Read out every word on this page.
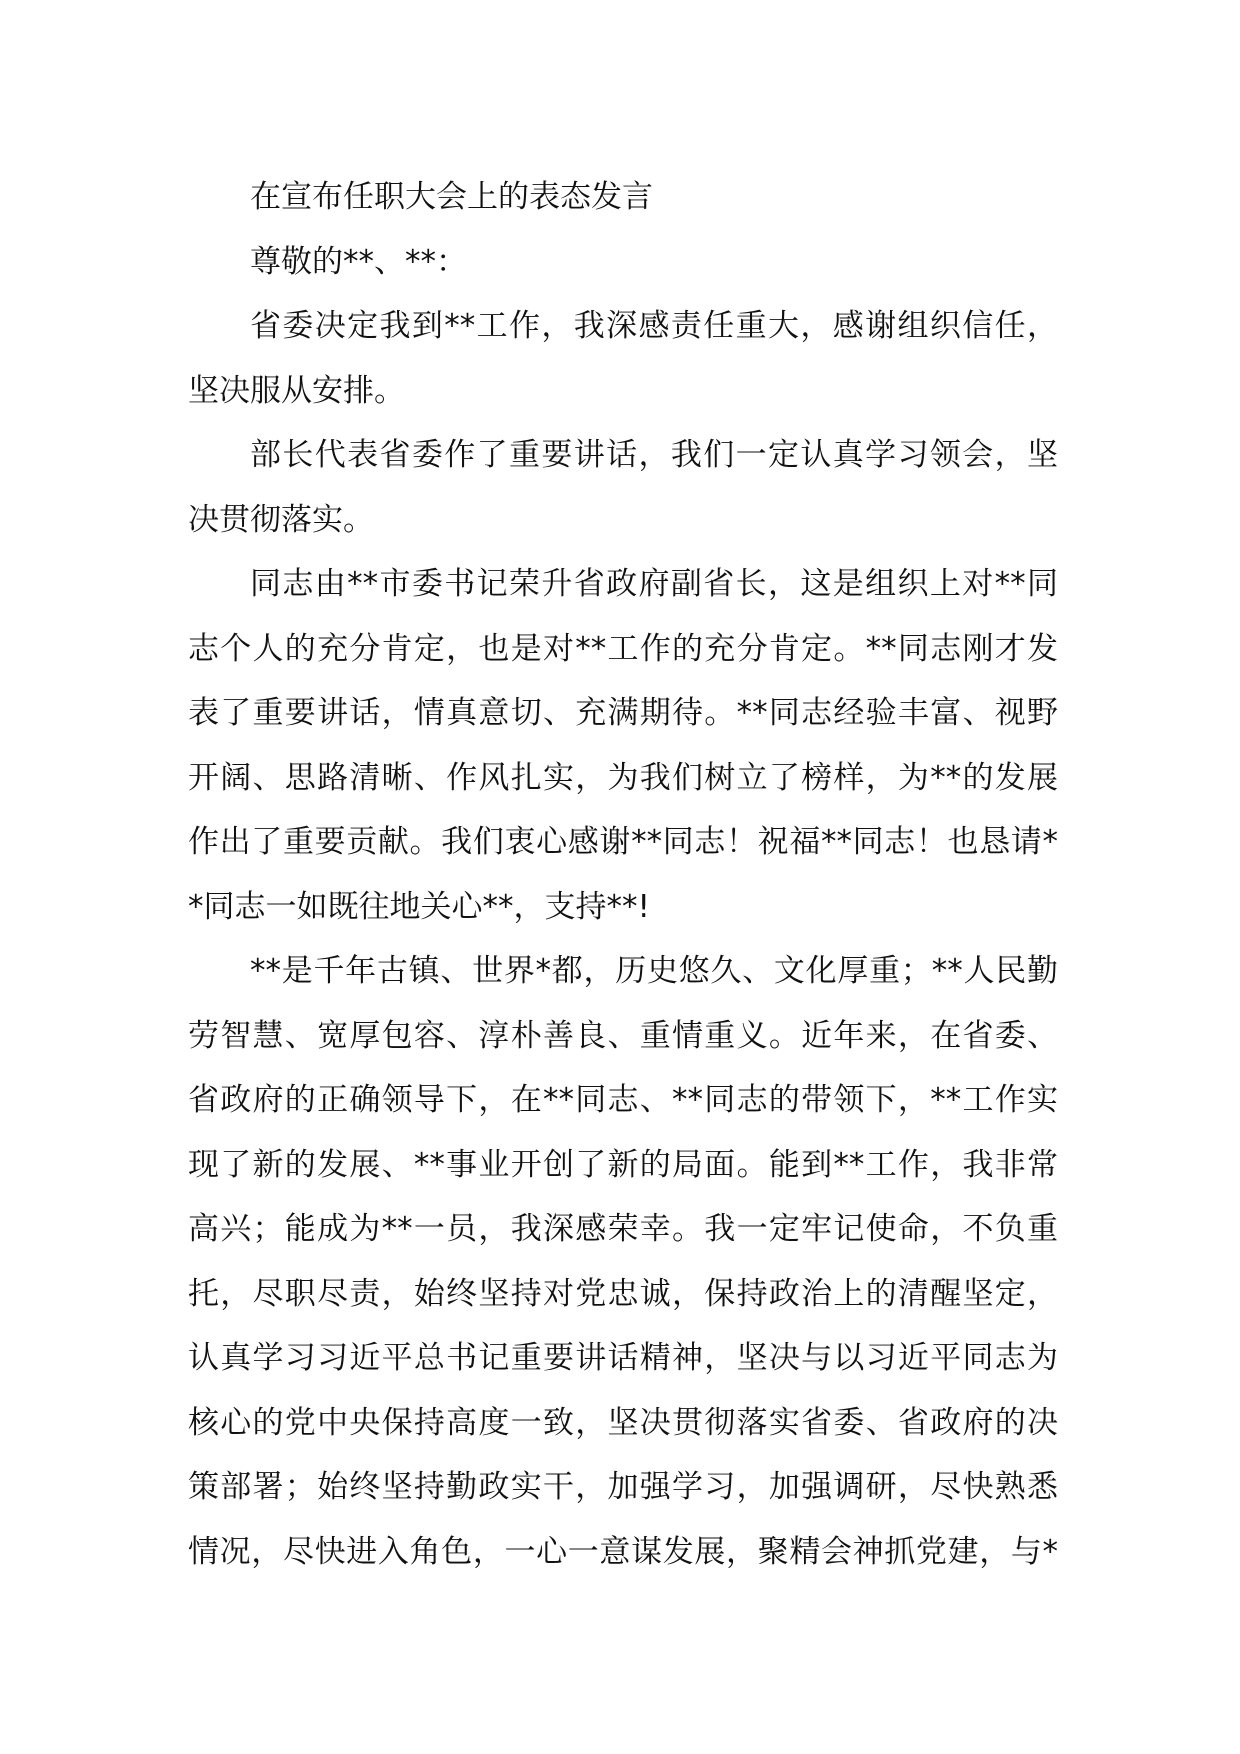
在宣布任职大会上的表态发言
尊敬的**、**：
省委决定我到**工作，我深感责任重大，感谢组织信任，
坚决服从安排。
部长代表省委作了重要讲话，我们一定认真学习领会，坚
决贯彻落实。
同志由**市委书记荣升省政府副省长，这是组织上对**同
志个人的充分肯定，也是对**工作的充分肯定。**同志刚才发
表了重要讲话，情真意切、充满期待。**同志经验丰富、视野
开阔、思路清晰、作风扎实，为我们树立了榜样，为**的发展
作出了重要贡献。我们衷心感谢**同志！祝福**同志！也恳请*
*同志一如既往地关心**，支持**!
**是千年古镇、世界*都，历史悠久、文化厚重；**人民勤
劳智慧、宽厚包容、淳朴善良、重情重义。近年来，在省委、
省政府的正确领导下，在**同志、**同志的带领下，**工作实
现了新的发展、**事业开创了新的局面。能到**工作，我非常
高兴；能成为**一员，我深感荣幸。我一定牢记使命，不负重
托，尽职尽责，始终坚持对党忠诚，保持政治上的清醒坚定，
认真学习习近平总书记重要讲话精神，坚决与以习近平同志为
核心的党中央保持高度一致，坚决贯彻落实省委、省政府的决
策部署；始终坚持勤政实干，加强学习，加强调研，尽快熟悉
情况，尽快进入角色，一心一意谋发展，聚精会神抓党建，与*
